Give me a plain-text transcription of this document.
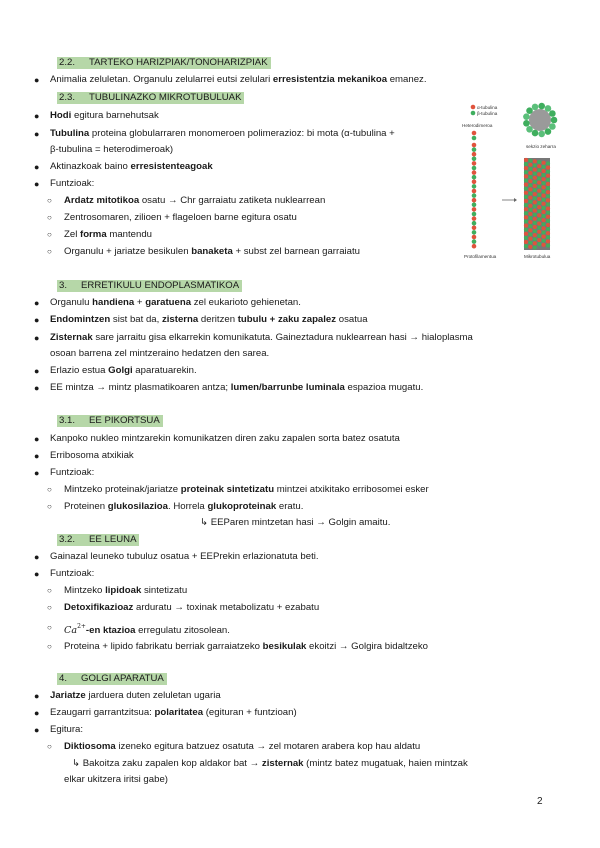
2.2. TARTEKO HARIZPIAK/TONOHARIZPIAK
● Animalia zeluletan. Organulu zelularrei eutsi zelulari erresistentzia mekanikoa emanez.
2.3. TUBULINAZKO MIKROTUBULUAK
● Hodi egitura barnehutsak
● Tubulina proteina globularraren monomeroen polimerazioz: bi mota (α-tubulina +
β-tubulina = heterodimeroak)
● Aktinazkoak baino erresistenteagoak
● Funtzioak:
○ Ardatz mitotikoa osatu → Chr garraiatu zatiketa nuklearrean
○ Zentrosomaren, zilioen + flageloen barne egitura osatu
○ Zel forma mantendu
○ Organulu + jariatze besikulen banaketa + subst zel barnean garraiatu
α-tubulina
β-tubulina
Heterodimeroa
Protofilamentua
sekzio zeharra
Mikrotubulua
3. ERRETIKULU ENDOPLASMATIKOA
● Organulu handiena + garatuena zel eukarioto gehienetan.
● Endomintzen sist bat da, zisterna deritzen tubulu + zaku zapalez osatua
● Zisternak sare jarraitu gisa elkarrekin komunikatuta. Gaineztadura nuklearrean hasi → hialoplasma
osoan barrena zel mintzeraino hedatzen den sarea.
● Erlazio estua Golgi aparatuarekin.
● EE mintza → mintz plasmatikoaren antza; lumen/barrunbe luminala espazioa mugatu.
3.1. EE PIKORTSUA
● Kanpoko nukleo mintzarekin komunikatzen diren zaku zapalen sorta batez osatuta
● Erribosoma atxikiak
● Funtzioak:
○ Mintzeko proteinak/jariatze proteinak sintetizatu mintzei atxikitako erribosomei esker
○ Proteinen glukosilazioa. Horrela glukoproteinak eratu.
↳ EEParen mintzetan hasi → Golgin amaitu.
3.2. EE LEUNA
● Gainazal leuneko tubuluz osatua + EEPrekin erlazionatuta beti.
● Funtzioak:
○ Mintzeko lipidoak sintetizatu
○ Detoxifikazioaz arduratu → toxinak metabolizatu + ezabatu
○ $Ca^{2+}-en$ ktazioa erregulatu zitosolean.
○ Proteina + lipido fabrikatu berriak garraiatzeko besikulak ekoitzi → Golgira bidaltzeko
4. GOLGI APARATUA
● Jariatze jarduera duten zeluletan ugaria
● Ezaugarri garrantzitsua: polaritatea (egituran + funtzioan)
● Egitura:
○ Diktiosoma izeneko egitura batzuez osatuta → zel motaren arabera kop hau aldatu
↳ Bakoitza zaku zapalen kop aldakor bat → zisternak (mintz batez mugatuak, haien mintzak
elkar ukitzera iritsi gabe)
2
